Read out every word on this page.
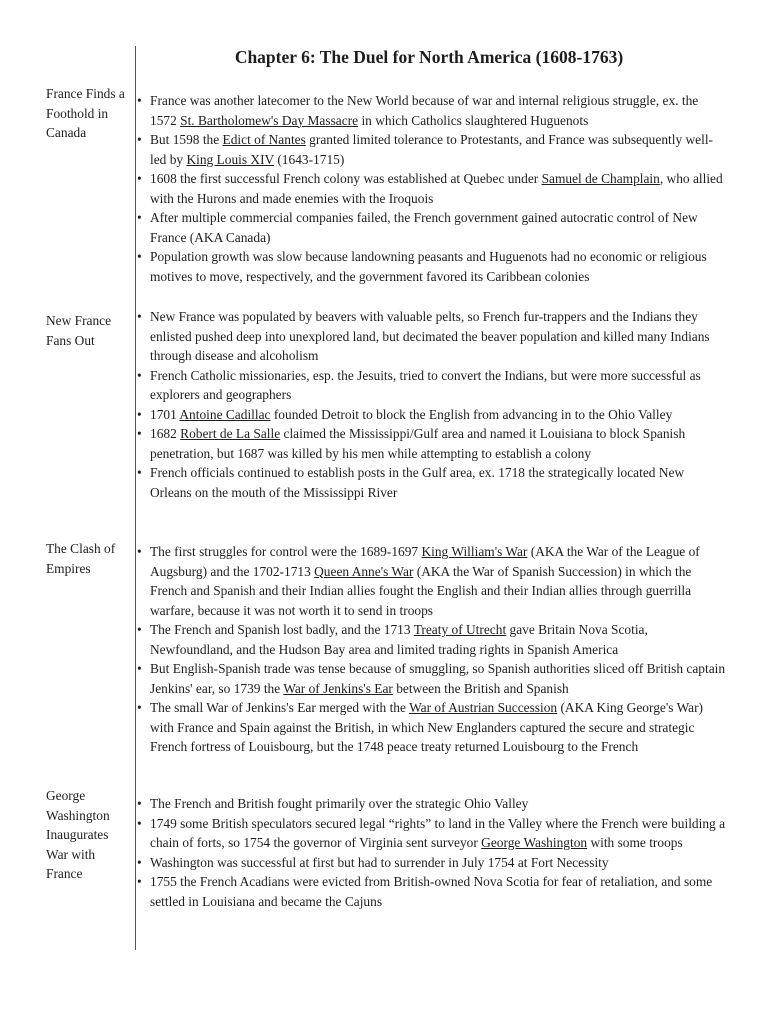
Chapter 6: The Duel for North America (1608-1763)

France Finds a Foothold in Canada

• France was another latecomer to the New World because of war and internal religious struggle, ex. the 1572 St. Bartholomew's Day Massacre in which Catholics slaughtered Huguenots
• But 1598 the Edict of Nantes granted limited tolerance to Protestants, and France was subsequently well-led by King Louis XIV (1643-1715)
• 1608 the first successful French colony was established at Quebec under Samuel de Champlain, who allied with the Hurons and made enemies with the Iroquois
• After multiple commercial companies failed, the French government gained autocratic control of New France (AKA Canada)
• Population growth was slow because landowning peasants and Huguenots had no economic or religious motives to move, respectively, and the government favored its Caribbean colonies

New France Fans Out

• New France was populated by beavers with valuable pelts, so French fur-trappers and the Indians they enlisted pushed deep into unexplored land, but decimated the beaver population and killed many Indians through disease and alcoholism
• French Catholic missionaries, esp. the Jesuits, tried to convert the Indians, but were more successful as explorers and geographers
• 1701 Antoine Cadillac founded Detroit to block the English from advancing in to the Ohio Valley
• 1682 Robert de La Salle claimed the Mississippi/Gulf area and named it Louisiana to block Spanish penetration, but 1687 was killed by his men while attempting to establish a colony
• French officials continued to establish posts in the Gulf area, ex. 1718 the strategically located New Orleans on the mouth of the Mississippi River

The Clash of Empires

• The first struggles for control were the 1689-1697 King William's War (AKA the War of the League of Augsburg) and the 1702-1713 Queen Anne's War (AKA the War of Spanish Succession) in which the French and Spanish and their Indian allies fought the English and their Indian allies through guerrilla warfare, because it was not worth it to send in troops
• The French and Spanish lost badly, and the 1713 Treaty of Utrecht gave Britain Nova Scotia, Newfoundland, and the Hudson Bay area and limited trading rights in Spanish America
• But English-Spanish trade was tense because of smuggling, so Spanish authorities sliced off British captain Jenkins' ear, so 1739 the War of Jenkins's Ear between the British and Spanish
• The small War of Jenkins's Ear merged with the War of Austrian Succession (AKA King George's War) with France and Spain against the British, in which New Englanders captured the secure and strategic French fortress of Louisbourg, but the 1748 peace treaty returned Louisbourg to the French

George Washington Inaugurates War with France

• The French and British fought primarily over the strategic Ohio Valley
• 1749 some British speculators secured legal “rights” to land in the Valley where the French were building a chain of forts, so 1754 the governor of Virginia sent surveyor George Washington with some troops
• Washington was successful at first but had to surrender in July 1754 at Fort Necessity
• 1755 the French Acadians were evicted from British-owned Nova Scotia for fear of retaliation, and some settled in Louisiana and became the Cajuns
